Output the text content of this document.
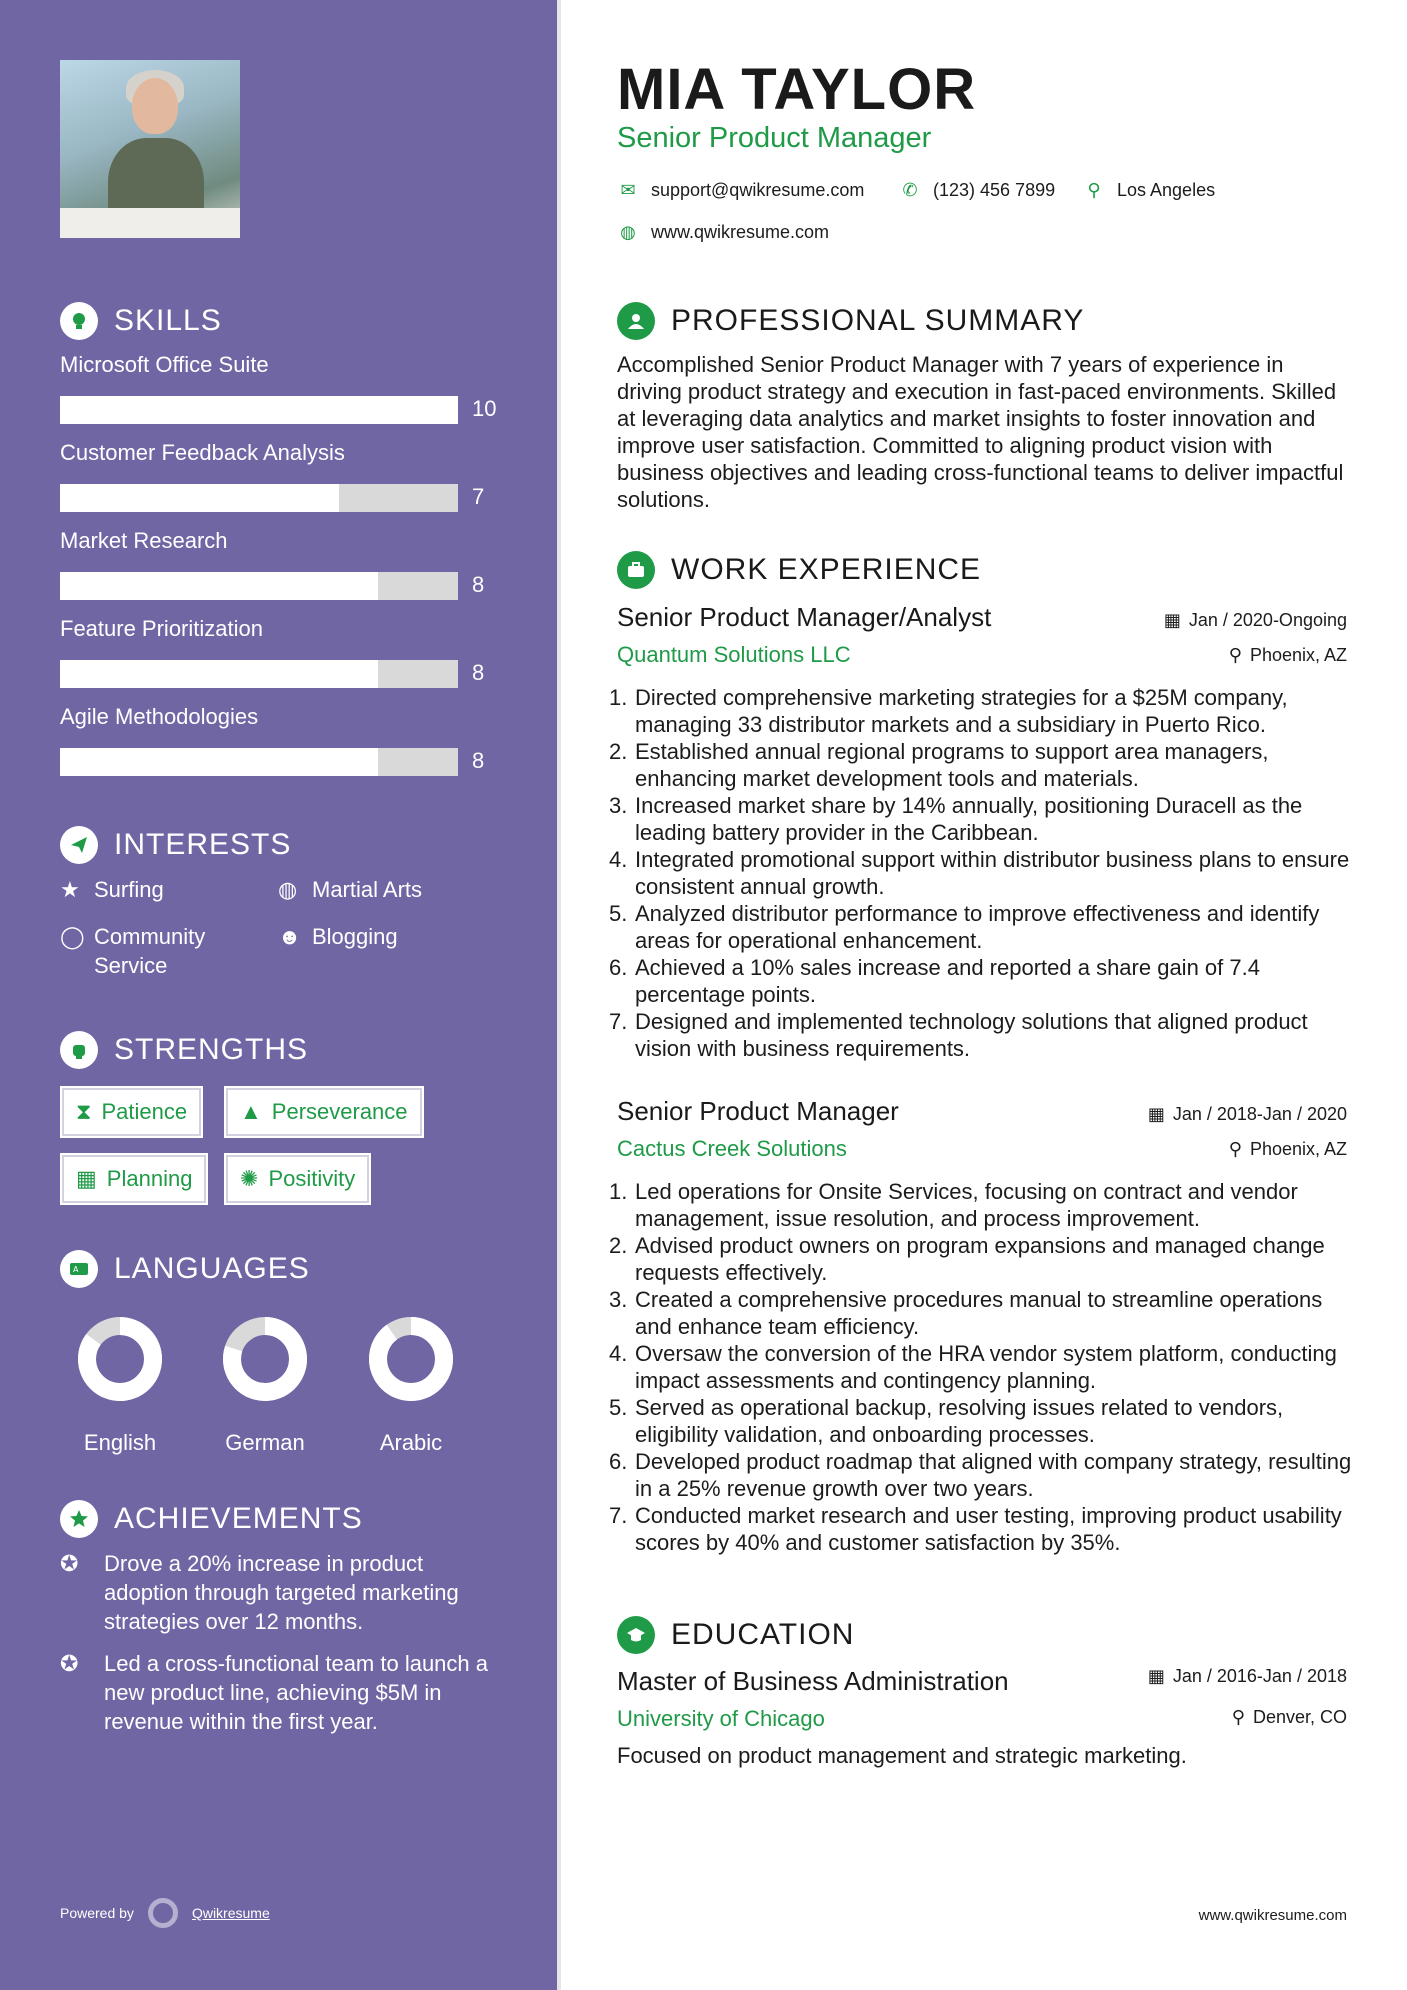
SKILLS
Microsoft Office Suite
10
Customer Feedback Analysis
7
Market Research
8
Feature Prioritization
8
Agile Methodologies
8
INTERESTS
★ Surfing	◍ Martial Arts
◯ Community Service
☻ Blogging
STRENGTHS
⧗ Patience ▲ Perseverance
▦ Planning ✺ Positivity
A LANGUAGES
English	German	Arabic
ACHIEVEMENTS
✪	Drove a 20% increase in product adoption through targeted marketing strategies over 12 months.
✪	Led a cross-functional team to launch a new product line, achieving $5M in revenue within the first year.
Powered by	Qwikresume
MIA TAYLOR
Senior Product Manager
✉ support@qwikresume.com ✆ (123) 456 7899 ⚲ Los Angeles
◍ www.qwikresume.com
PROFESSIONAL SUMMARY
Accomplished Senior Product Manager with 7 years of experience in driving product strategy and execution in fast-paced environments. Skilled at leveraging data analytics and market insights to foster innovation and improve user satisfaction. Committed to aligning product vision with business objectives and leading cross-functional teams to deliver impactful solutions.
WORK EXPERIENCE
Senior Product Manager/Analyst	▦ Jan / 2020-Ongoing
Quantum Solutions LLC	⚲ Phoenix, AZ
1. Directed comprehensive marketing strategies for a $25M company, managing 33 distributor markets and a subsidiary in Puerto Rico.
2. Established annual regional programs to support area managers, enhancing market development tools and materials.
3. Increased market share by 14% annually, positioning Duracell as the leading battery provider in the Caribbean.
4. Integrated promotional support within distributor business plans to ensure consistent annual growth.
5. Analyzed distributor performance to improve effectiveness and identify areas for operational enhancement.
6. Achieved a 10% sales increase and reported a share gain of 7.4 percentage points.
7. Designed and implemented technology solutions that aligned product vision with business requirements.
Senior Product Manager	▦ Jan / 2018-Jan / 2020
Cactus Creek Solutions	⚲ Phoenix, AZ
1. Led operations for Onsite Services, focusing on contract and vendor management, issue resolution, and process improvement.
2. Advised product owners on program expansions and managed change requests effectively.
3. Created a comprehensive procedures manual to streamline operations and enhance team efficiency.
4. Oversaw the conversion of the HRA vendor system platform, conducting impact assessments and contingency planning.
5. Served as operational backup, resolving issues related to vendors, eligibility validation, and onboarding processes.
6. Developed product roadmap that aligned with company strategy, resulting in a 25% revenue growth over two years.
7. Conducted market research and user testing, improving product usability scores by 40% and customer satisfaction by 35%.
EDUCATION
Master of Business Administration	▦ Jan / 2016-Jan / 2018
University of Chicago	⚲ Denver, CO
Focused on product management and strategic marketing.
www.qwikresume.com
